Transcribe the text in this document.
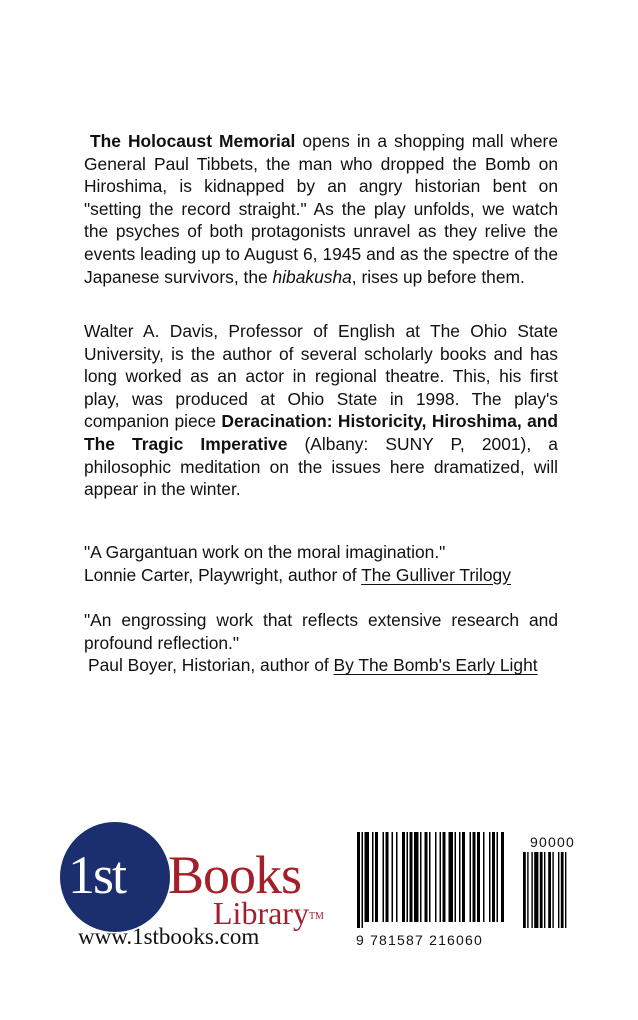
The Holocaust Memorial opens in a shopping mall where General Paul Tibbets, the man who dropped the Bomb on Hiroshima, is kidnapped by an angry historian bent on "setting the record straight." As the play unfolds, we watch the psyches of both protagonists unravel as they relive the events leading up to August 6, 1945 and as the spectre of the Japanese survivors, the hibakusha, rises up before them.
Walter A. Davis, Professor of English at The Ohio State University, is the author of several scholarly books and has long worked as an actor in regional theatre. This, his first play, was produced at Ohio State in 1998. The play's companion piece Deracination: Historicity, Hiroshima, and The Tragic Imperative (Albany: SUNY P, 2001), a philosophic meditation on the issues here dramatized, will appear in the winter.
"A Gargantuan work on the moral imagination."
Lonnie Carter, Playwright, author of The Gulliver Trilogy
"An engrossing work that reflects extensive research and profound reflection."
Paul Boyer, Historian, author of By The Bomb's Early Light
1st Books
Library™
www.1stbooks.com	9 781587 216060
90000
